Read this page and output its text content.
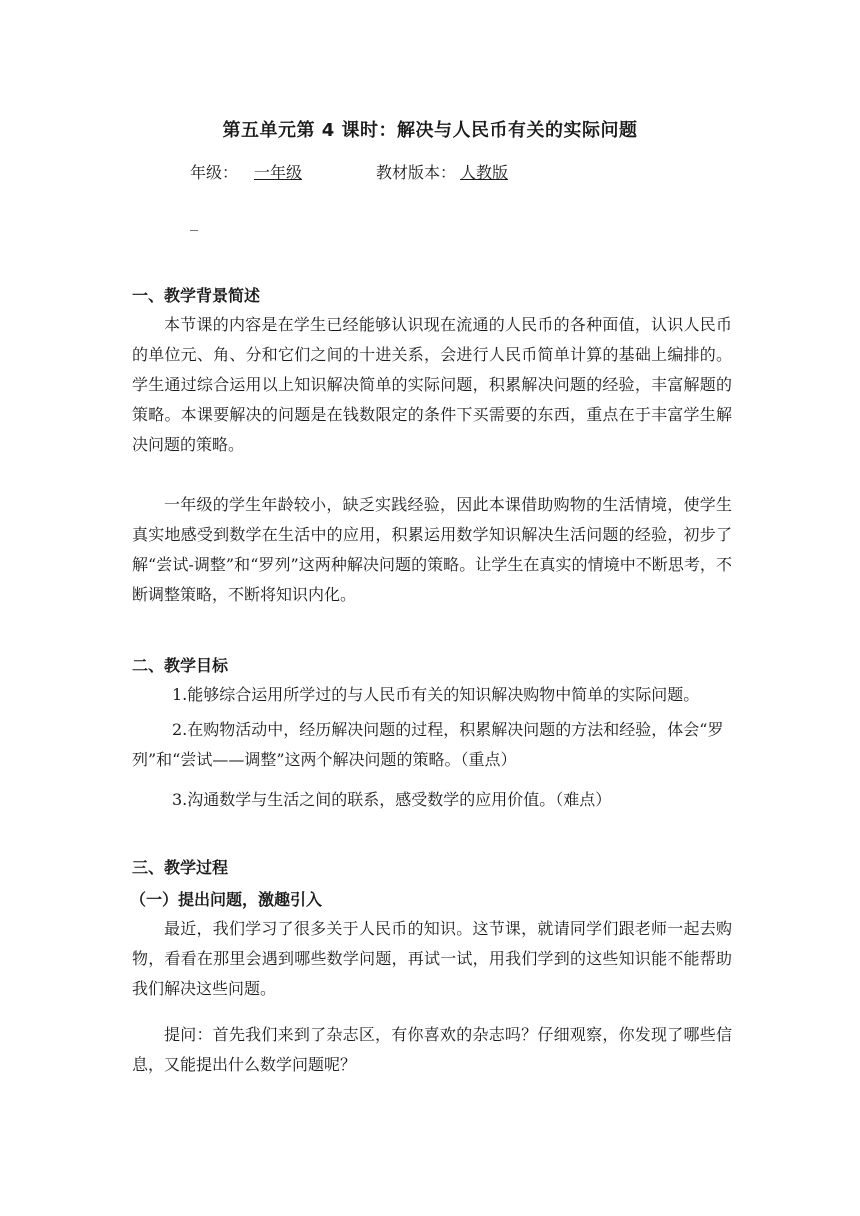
第五单元第 4 课时：解决与人民币有关的实际问题
年级： 一年级	教材版本： 人教版
_
一、教学背景简述
本节课的内容是在学生已经能够认识现在流通的人民币的各种面值，认识人民币的单位元、角、分和它们之间的十进关系，会进行人民币简单计算的基础上编排的。学生通过综合运用以上知识解决简单的实际问题，积累解决问题的经验，丰富解题的策略。本课要解决的问题是在钱数限定的条件下买需要的东西，重点在于丰富学生解决问题的策略。
一年级的学生年龄较小，缺乏实践经验，因此本课借助购物的生活情境，使学生真实地感受到数学在生活中的应用，积累运用数学知识解决生活问题的经验，初步了解“尝试-调整”和“罗列”这两种解决问题的策略。让学生在真实的情境中不断思考，不断调整策略，不断将知识内化。
二、教学目标
1.能够综合运用所学过的与人民币有关的知识解决购物中简单的实际问题。
2.在购物活动中，经历解决问题的过程，积累解决问题的方法和经验，体会“罗列”和“尝试——调整”这两个解决问题的策略。（重点）
3.沟通数学与生活之间的联系，感受数学的应用价值。（难点）
三、教学过程
（一）提出问题，激趣引入
最近，我们学习了很多关于人民币的知识。这节课，就请同学们跟老师一起去购物，看看在那里会遇到哪些数学问题，再试一试，用我们学到的这些知识能不能帮助我们解决这些问题。
提问：首先我们来到了杂志区，有你喜欢的杂志吗？仔细观察，你发现了哪些信息，又能提出什么数学问题呢？
